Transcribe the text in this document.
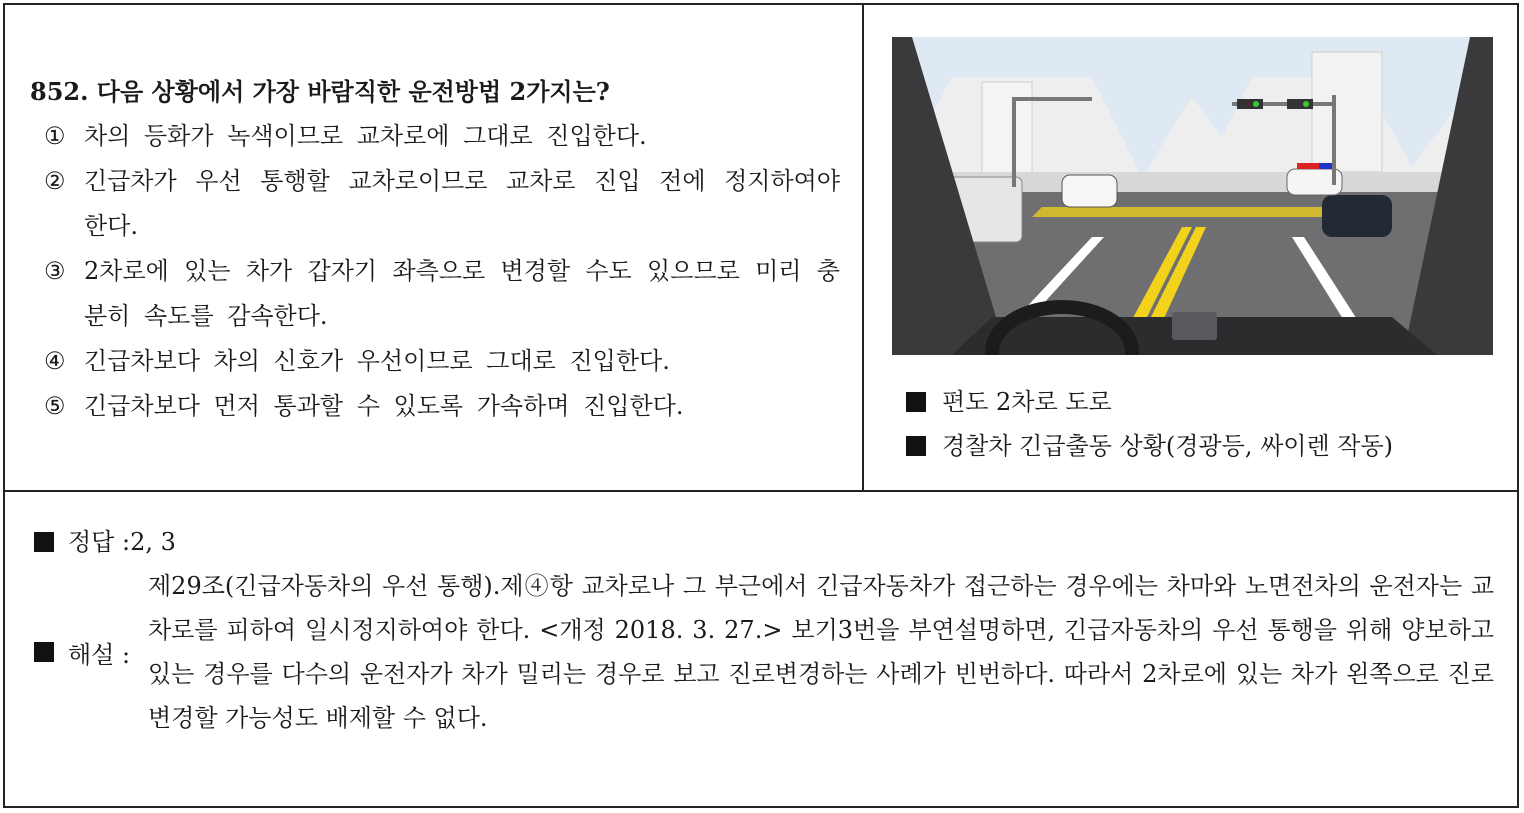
852. 다음 상황에서 가장 바람직한 운전방법 2가지는?
① 차의 등화가 녹색이므로 교차로에 그대로 진입한다.
② 긴급차가 우선 통행할 교차로이므로 교차로 진입 전에 정지하여야 한다.
③ 2차로에 있는 차가 갑자기 좌측으로 변경할 수도 있으므로 미리 충분히 속도를 감속한다.
④ 긴급차보다 차의 신호가 우선이므로 그대로 진입한다.
⑤ 긴급차보다 먼저 통과할 수 있도록 가속하며 진입한다.	편도 2차로 도로
경찰차 긴급출동 상황(경광등, 싸이렌 작동)
정답 : 2, 3
해설 :
제29조(긴급자동차의 우선 통행).제④항 교차로나 그 부근에서 긴급자동차가 접근하는 경우에는 차마와 노면전차의 운전자는 교차로를 피하여 일시정지하여야 한다. <개정 2018. 3. 27.> 보기3번을 부연설명하면, 긴급자동차의 우선 통행을 위해 양보하고 있는 경우를 다수의 운전자가 차가 밀리는 경우로 보고 진로변경하는 사례가 빈번하다. 따라서 2차로에 있는 차가 왼쪽으로 진로변경할 가능성도 배제할 수 없다.
